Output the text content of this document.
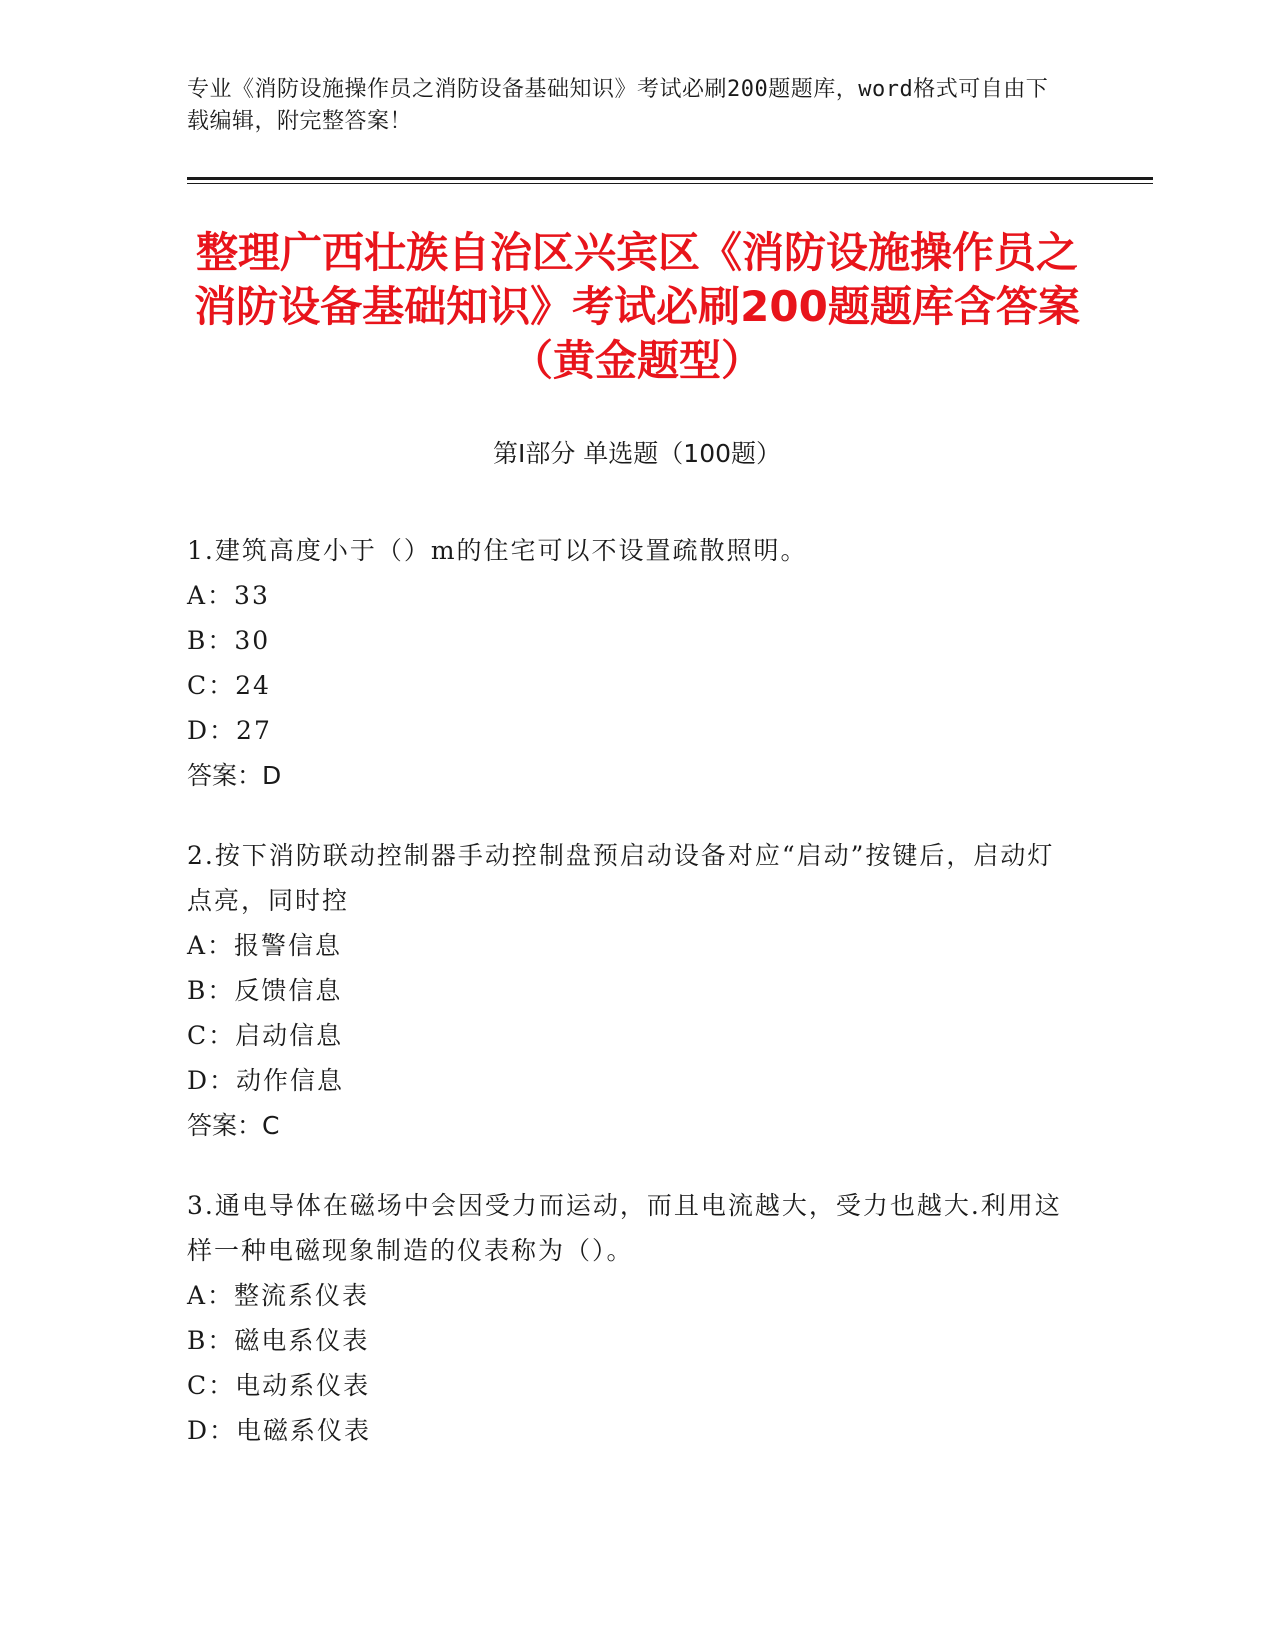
专业《消防设施操作员之消防设备基础知识》考试必刷200题题库，word格式可自由下载编辑，附完整答案！
整理广西壮族自治区兴宾区《消防设施操作员之消防设备基础知识》考试必刷200题题库含答案（黄金题型）
第Ⅰ部分 单选题（100题）

1.建筑高度小于（）m的住宅可以不设置疏散照明。

A：33

B：30

C：24

D：27

答案：D

2.按下消防联动控制器手动控制盘预启动设备对应“启动”按键后，启动灯点亮，同时控

A：报警信息

B：反馈信息

C：启动信息

D：动作信息

答案：C

3.通电导体在磁场中会因受力而运动，而且电流越大，受力也越大.利用这样一种电磁现象制造的仪表称为（）。

A：整流系仪表

B：磁电系仪表

C：电动系仪表

D：电磁系仪表
